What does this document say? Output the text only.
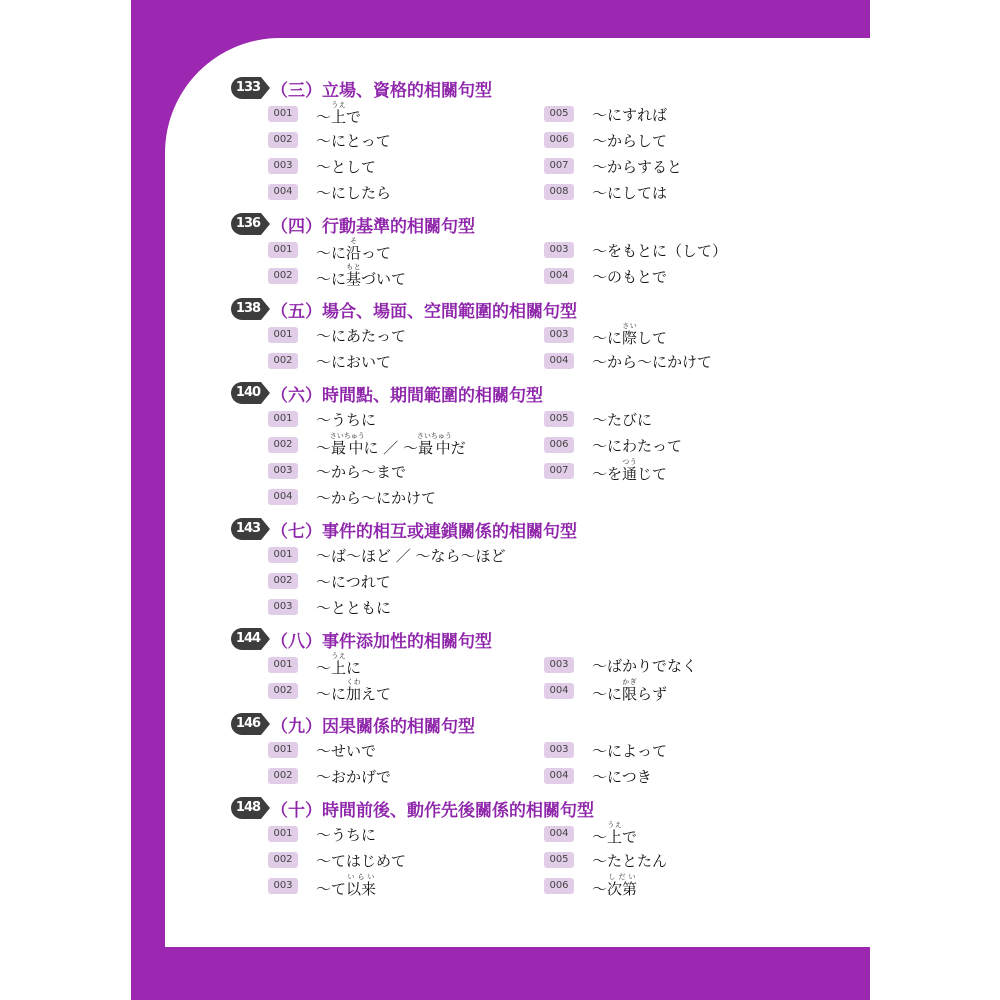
133 （三）立場、資格的相關句型
001	～上うえで
002	～にとって
003	～として
004	～にしたら
005	～にすれば
006	～からして
007	～からすると
008	～にしては
136 （四）行動基準的相關句型
001	～に沿そって
002	～に基もとづいて
003	～をもとに（して）
004	～のもとで
138 （五）場合、場面、空間範圍的相關句型
001	～にあたって
002	～において
003	～に際さいして
004	～から～にかけて
140 （六）時間點、期間範圍的相關句型
001	～うちに
002	～最中さいちゅうに ／ ～最中さいちゅうだ
003	～から～まで
004	～から～にかけて
005	～たびに
006	～にわたって
007	～を通つうじて
143 （七）事件的相互或連鎖關係的相關句型
001	～ば～ほど ／ ～なら～ほど
002	～につれて
003	～とともに
144 （八）事件添加性的相關句型
001	～上うえに
002	～に加くわえて
003	～ばかりでなく
004	～に限かぎらず
146 （九）因果關係的相關句型
001	～せいで
002	～おかげで
003	～によって
004	～につき
148 （十）時間前後、動作先後關係的相關句型
001	～うちに
002	～てはじめて
003	～て以来いらい
004	～上うえで
005	～たとたん
006	～次第しだい
